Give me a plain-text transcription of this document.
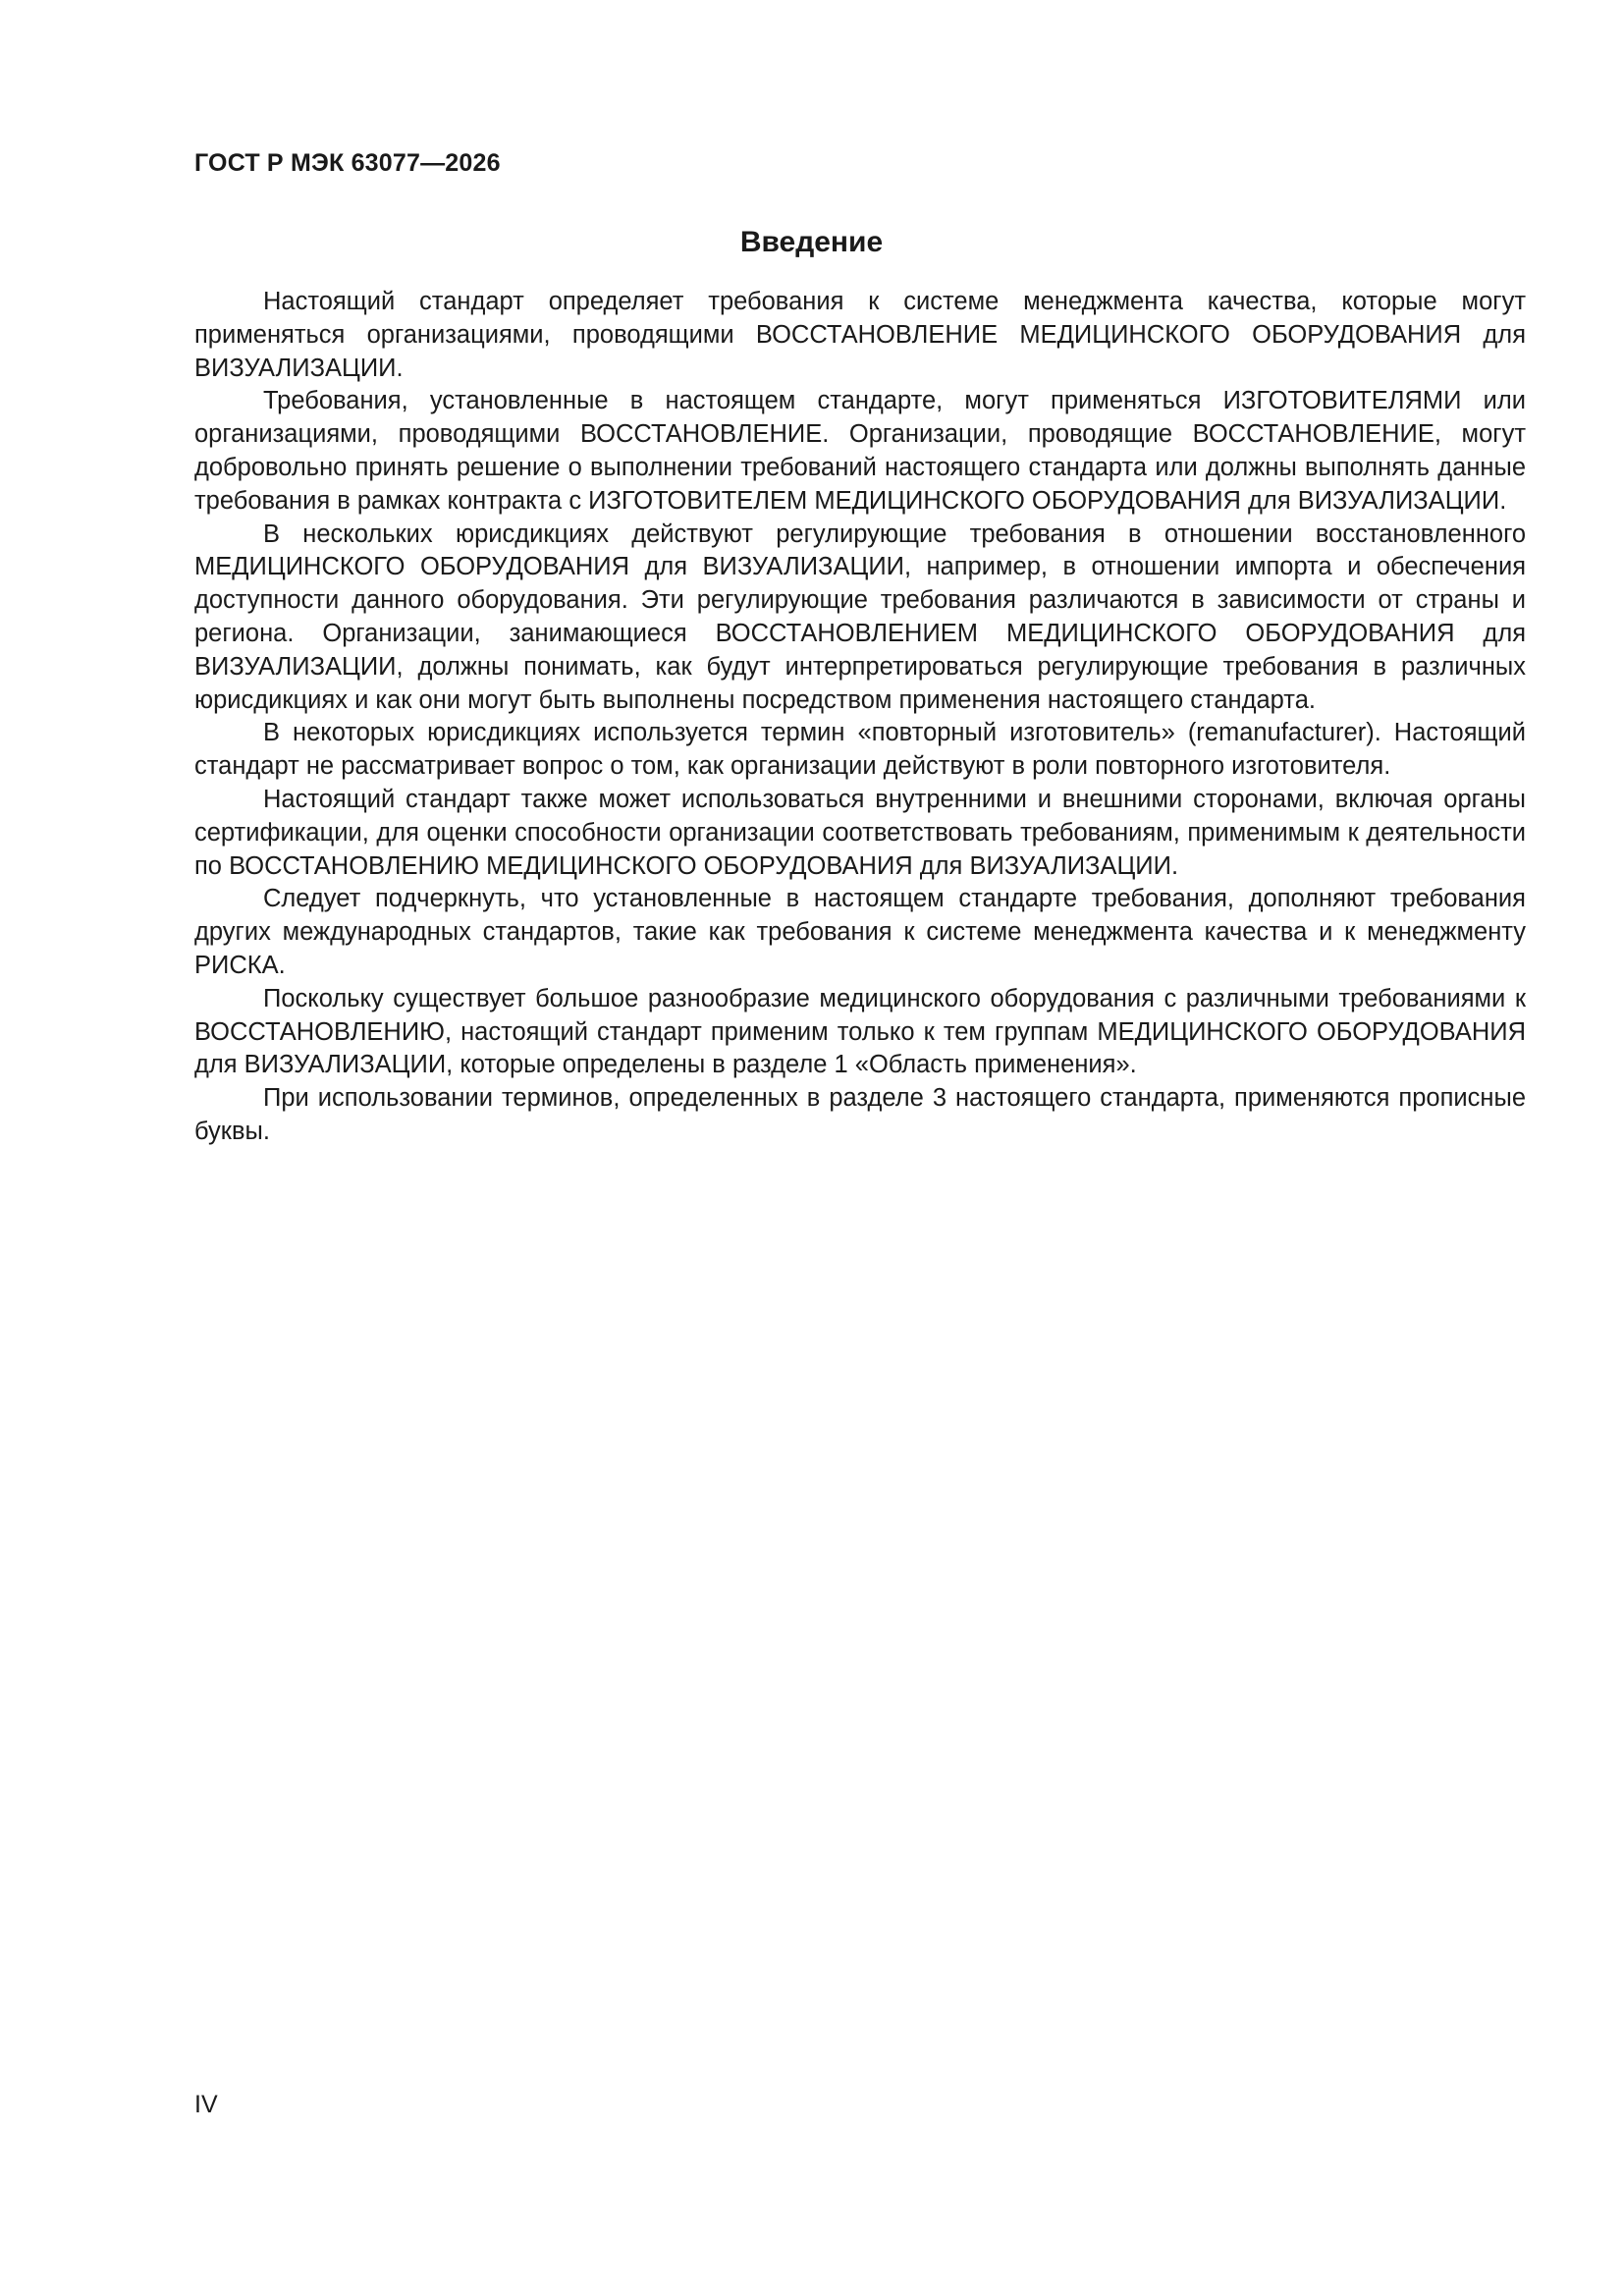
ГОСТ Р МЭК 63077—2026
Введение

Настоящий стандарт определяет требования к системе менеджмента качества, которые могут применяться организациями, проводящими ВОССТАНОВЛЕНИЕ МЕДИЦИНСКОГО ОБОРУДОВАНИЯ для ВИЗУАЛИЗАЦИИ.

Требования, установленные в настоящем стандарте, могут применяться ИЗГОТОВИТЕЛЯМИ или организациями, проводящими ВОССТАНОВЛЕНИЕ. Организации, проводящие ВОССТАНОВЛЕНИЕ, могут добровольно принять решение о выполнении требований настоящего стандарта или должны выполнять данные требования в рамках контракта с ИЗГОТОВИТЕЛЕМ МЕДИЦИНСКОГО ОБОРУДОВАНИЯ для ВИЗУАЛИЗАЦИИ.

В нескольких юрисдикциях действуют регулирующие требования в отношении восстановленного МЕДИЦИНСКОГО ОБОРУДОВАНИЯ для ВИЗУАЛИЗАЦИИ, например, в отношении импорта и обеспечения доступности данного оборудования. Эти регулирующие требования различаются в зависимости от страны и региона. Организации, занимающиеся ВОССТАНОВЛЕНИЕМ МЕДИЦИНСКОГО ОБОРУДОВАНИЯ для ВИЗУАЛИЗАЦИИ, должны понимать, как будут интерпретироваться регулирующие требования в различных юрисдикциях и как они могут быть выполнены посредством применения настоящего стандарта.

В некоторых юрисдикциях используется термин «повторный изготовитель» (remanufacturer). Настоящий стандарт не рассматривает вопрос о том, как организации действуют в роли повторного изготовителя.

Настоящий стандарт также может использоваться внутренними и внешними сторонами, включая органы сертификации, для оценки способности организации соответствовать требованиям, применимым к деятельности по ВОССТАНОВЛЕНИЮ МЕДИЦИНСКОГО ОБОРУДОВАНИЯ для ВИЗУАЛИЗАЦИИ.

Следует подчеркнуть, что установленные в настоящем стандарте требования, дополняют требования других международных стандартов, такие как требования к системе менеджмента качества и к менеджменту РИСКА.

Поскольку существует большое разнообразие медицинского оборудования с различными требованиями к ВОССТАНОВЛЕНИЮ, настоящий стандарт применим только к тем группам МЕДИЦИНСКОГО ОБОРУДОВАНИЯ для ВИЗУАЛИЗАЦИИ, которые определены в разделе 1 «Область применения».

При использовании терминов, определенных в разделе 3 настоящего стандарта, применяются прописные буквы.

IV
